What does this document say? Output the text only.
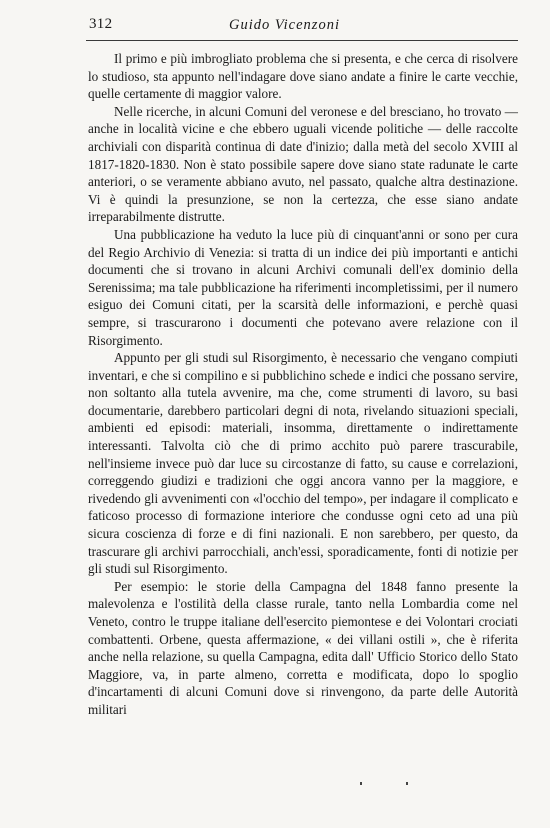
312	Guido Vicenzoni

Il primo e più imbrogliato problema che si presenta, e che cerca di risolvere lo studioso, sta appunto nell'indagare dove siano andate a finire le carte vecchie, quelle certamente di maggior valore.

Nelle ricerche, in alcuni Comuni del veronese e del bresciano, ho trovato — anche in località vicine e che ebbero uguali vicende politiche — delle raccolte archiviali con disparità continua di date d'inizio; dalla metà del secolo XVIII al 1817-1820-1830. Non è stato possibile sapere dove siano state radunate le carte anteriori, o se veramente abbiano avuto, nel passato, qualche altra destinazione. Vi è quindi la presunzione, se non la certezza, che esse siano andate irreparabilmente distrutte.

Una pubblicazione ha veduto la luce più di cinquant'anni or sono per cura del Regio Archivio di Venezia: si tratta di un indice dei più importanti e antichi documenti che si trovano in alcuni Archivi comunali dell'ex dominio della Serenissima; ma tale pubblicazione ha riferimenti incompletissimi, per il numero esiguo dei Comuni citati, per la scarsità delle informazioni, e perchè quasi sempre, si trascurarono i documenti che potevano avere relazione con il Risorgimento.

Appunto per gli studi sul Risorgimento, è necessario che vengano compiuti inventari, e che si compilino e si pubblichino schede e indici che possano servire, non soltanto alla tutela avvenire, ma che, come strumenti di lavoro, su basi documentarie, darebbero particolari degni di nota, rivelando situazioni speciali, ambienti ed episodi: materiali, insomma, direttamente o indirettamente interessanti. Talvolta ciò che di primo acchito può parere trascurabile, nell'insieme invece può dar luce su circostanze di fatto, su cause e correlazioni, correggendo giudizi e tradizioni che oggi ancora vanno per la maggiore, e rivedendo gli avvenimenti con «l'occhio del tempo», per indagare il complicato e faticoso processo di formazione interiore che condusse ogni ceto ad una più sicura coscienza di forze e di fini nazionali. E non sarebbero, per questo, da trascurare gli archivi parrocchiali, anch'essi, sporadicamente, fonti di notizie per gli studi sul Risorgimento.

Per esempio: le storie della Campagna del 1848 fanno presente la malevolenza e l'ostilità della classe rurale, tanto nella Lombardia come nel Veneto, contro le truppe italiane dell'esercito piemontese e dei Volontari crociati combattenti. Orbene, questa affermazione, « dei villani ostili », che è riferita anche nella relazione, su quella Campagna, edita dall' Ufficio Storico dello Stato Maggiore, va, in parte almeno, corretta e modificata, dopo lo spoglio d'incartamenti di alcuni Comuni dove si rinvengono, da parte delle Autorità militari
